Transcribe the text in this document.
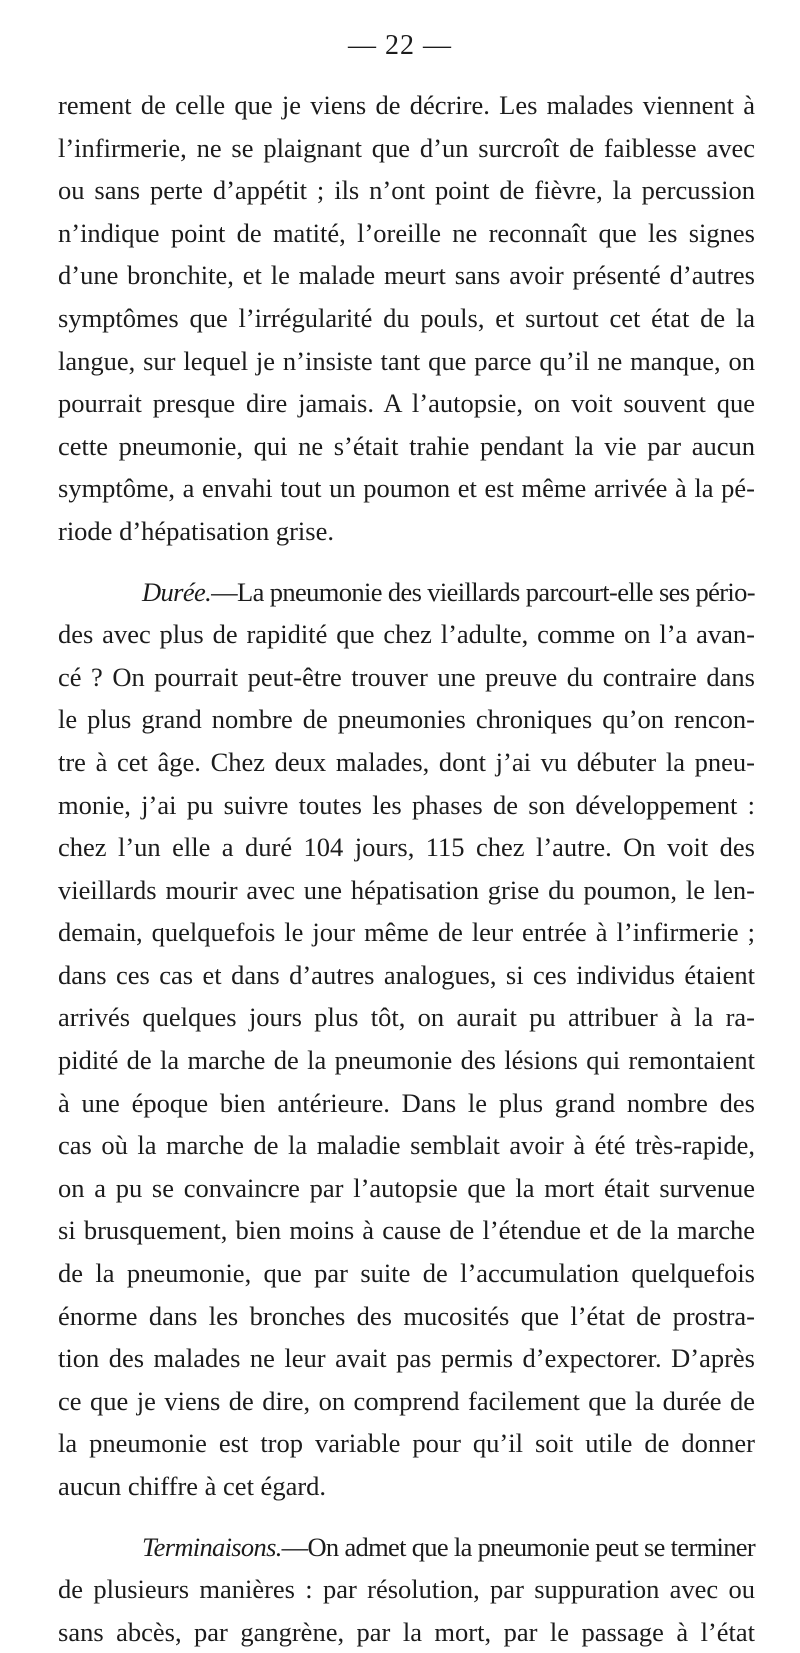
— 22 —

rement de celle que je viens de décrire. Les malades viennent à
l’infirmerie, ne se plaignant que d’un surcroît de faiblesse avec
ou sans perte d’appétit ; ils n’ont point de fièvre, la percussion
n’indique point de matité, l’oreille ne reconnaît que les signes
d’une bronchite, et le malade meurt sans avoir présenté d’autres
symptômes que l’irrégularité du pouls, et surtout cet état de la
langue, sur lequel je n’insiste tant que parce qu’il ne manque, on
pourrait presque dire jamais. A l’autopsie, on voit souvent que
cette pneumonie, qui ne s’était trahie pendant la vie par aucun
symptôme, a envahi tout un poumon et est même arrivée à la pé-
riode d’hépatisation grise.

Durée.—La pneumonie des vieillards parcourt-elle ses pério-
des avec plus de rapidité que chez l’adulte, comme on l’a avan-
cé ? On pourrait peut-être trouver une preuve du contraire dans
le plus grand nombre de pneumonies chroniques qu’on rencon-
tre à cet âge. Chez deux malades, dont j’ai vu débuter la pneu-
monie, j’ai pu suivre toutes les phases de son développement :
chez l’un elle a duré 104 jours, 115 chez l’autre. On voit des
vieillards mourir avec une hépatisation grise du poumon, le len-
demain, quelquefois le jour même de leur entrée à l’infirmerie ;
dans ces cas et dans d’autres analogues, si ces individus étaient
arrivés quelques jours plus tôt, on aurait pu attribuer à la ra-
pidité de la marche de la pneumonie des lésions qui remontaient
à une époque bien antérieure. Dans le plus grand nombre des
cas où la marche de la maladie semblait avoir à été très-rapide,
on a pu se convaincre par l’autopsie que la mort était survenue
si brusquement, bien moins à cause de l’étendue et de la marche
de la pneumonie, que par suite de l’accumulation quelquefois
énorme dans les bronches des mucosités que l’état de prostra-
tion des malades ne leur avait pas permis d’expectorer. D’après
ce que je viens de dire, on comprend facilement que la durée de
la pneumonie est trop variable pour qu’il soit utile de donner
aucun chiffre à cet égard.

Terminaisons.—On admet que la pneumonie peut se terminer
de plusieurs manières : par résolution, par suppuration avec ou
sans abcès, par gangrène, par la mort, par le passage à l’état
